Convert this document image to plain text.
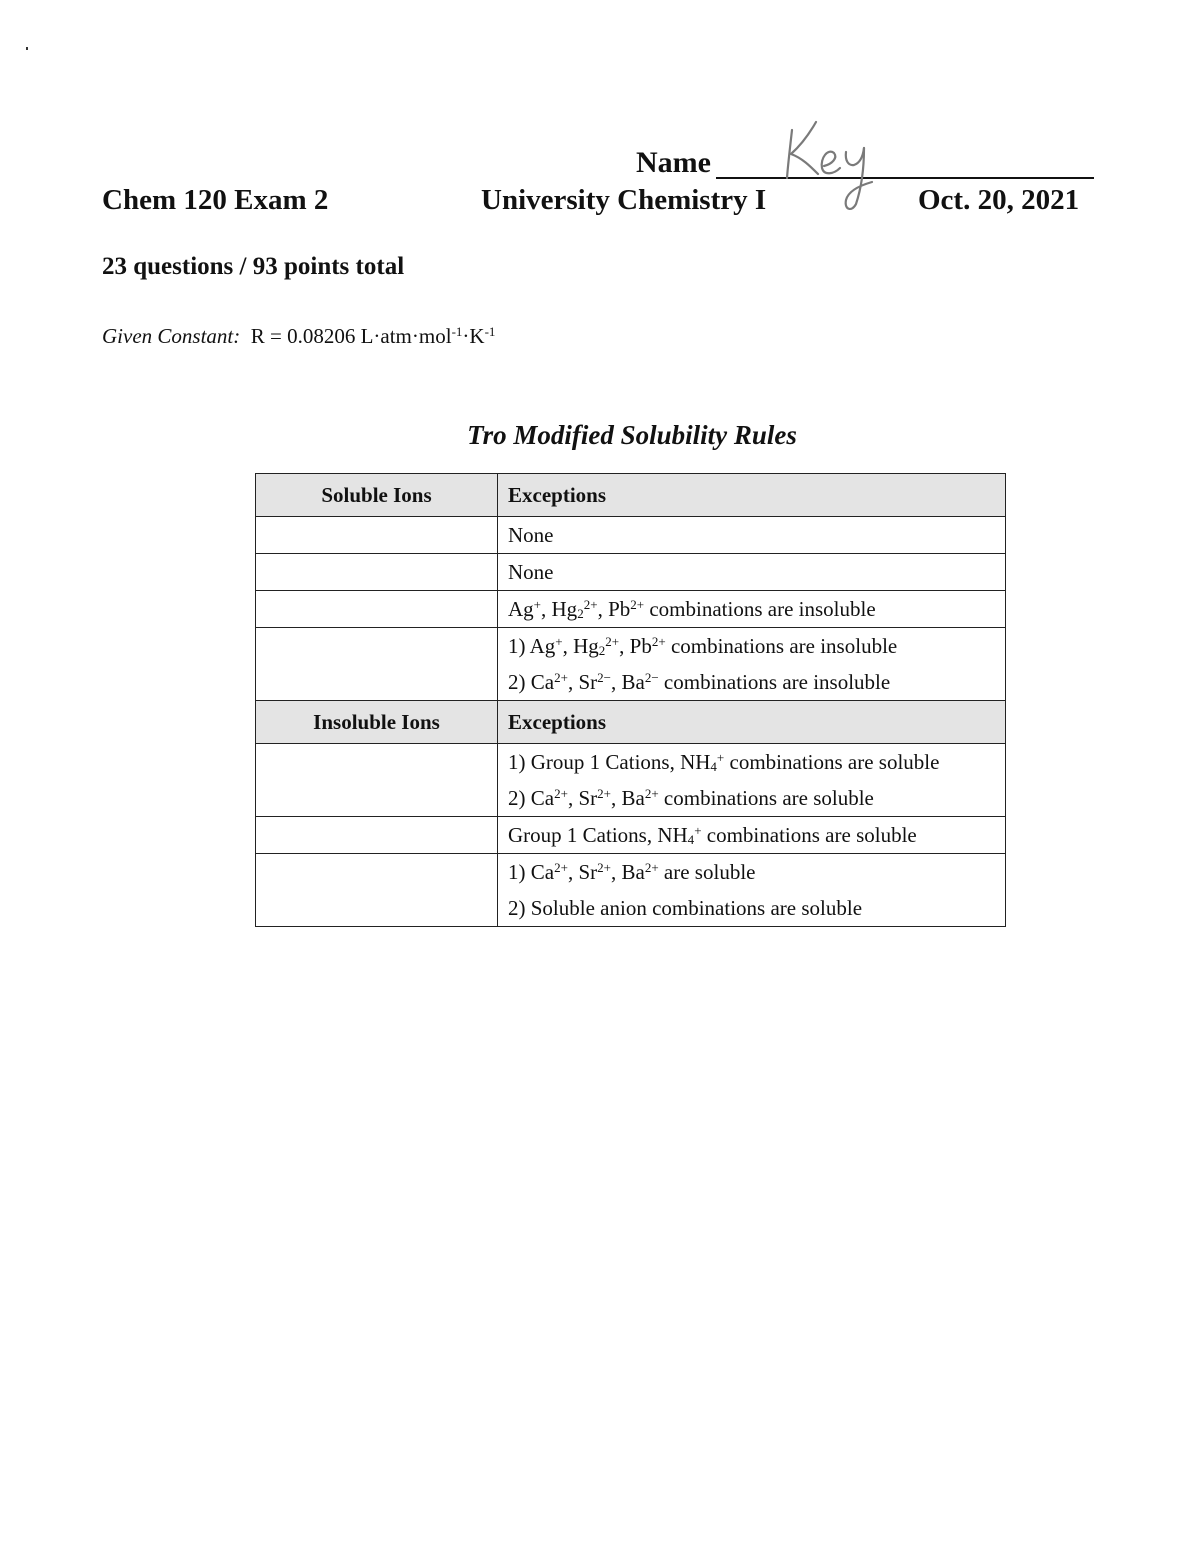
Name
Chem 120 Exam 2	University Chemistry I	Oct. 20, 2021
23 questions / 93 points total
Given Constant: R = 0.08206 $L\cdot atm\cdot mol^{-1}\cdot K^{-1}$
Tro Modified Solubility Rules
Soluble Ions	Exceptions
	None
	None

	Ag+, $Hg_2^{2+}$, $Pb^{2+}$ combinations are insoluble

	1) Ag+, $Hg_2^{2+}$, $Pb^{2+}$ combinations are insoluble
2) $Ca^{2+}$, $Sr^{2-}$, $Ba^{2-}$ combinations are insoluble

Insoluble Ions	Exceptions

	1) Group 1 Cations, $NH_4^+$ combinations are soluble
2) $Ca^{2+}$, $Sr^{2+}$, $Ba^{2+}$ combinations are soluble

	Group 1 Cations, $NH_4^+$ combinations are soluble

	1) $Ca^{2+}$, $Sr^{2+}$, $Ba^{2+}$ are soluble
2) Soluble anion combinations are soluble
